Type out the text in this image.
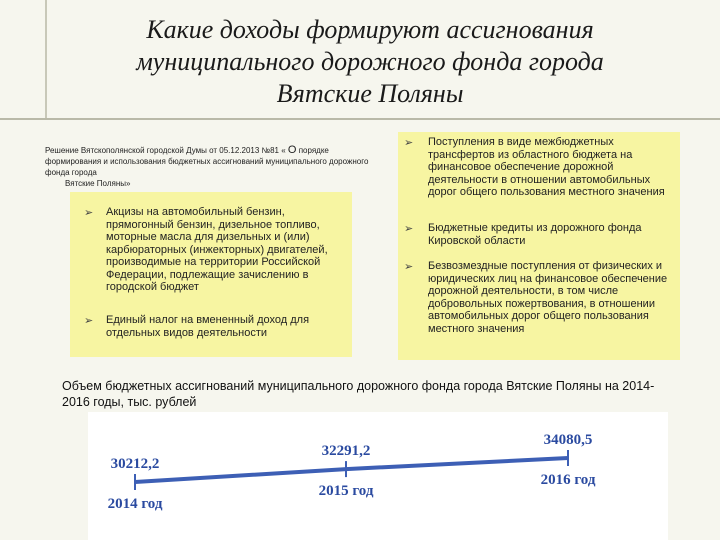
Какие доходы формируют ассигнования
муниципального дорожного фонда города
Вятские Поляны
Решение Вятскополянской городской Думы от 05.12.2013 №81 « О порядке формирования и использования бюджетных ассигнований муниципального дорожного фонда города
Вятские Поляны»
➢ Акцизы на автомобильный бензин, прямогонный бензин, дизельное топливо, моторные масла для дизельных и (или) карбюраторных (инжекторных) двигателей, производимые на территории Российской Федерации, подлежащие зачислению в городской бюджет
➢ Единый налог на вмененный доход для отдельных видов деятельности
➢ Поступления в виде межбюджетных трансфертов из областного бюджета на финансовое обеспечение дорожной деятельности в отношении автомобильных дорог общего пользования местного значения
➢ Бюджетные кредиты из дорожного фонда Кировской области
➢ Безвозмездные поступления от физических и юридических лиц на финансовое обеспечение дорожной деятельности, в том числе добровольных пожертвования, в отношении автомобильных дорог общего пользования местного значения
Объем бюджетных ассигнований муниципального дорожного фонда города Вятские Поляны на 2014-2016 годы, тыс. рублей
30212,2
2014 год
32291,2
2015 год
34080,5
2016 год
